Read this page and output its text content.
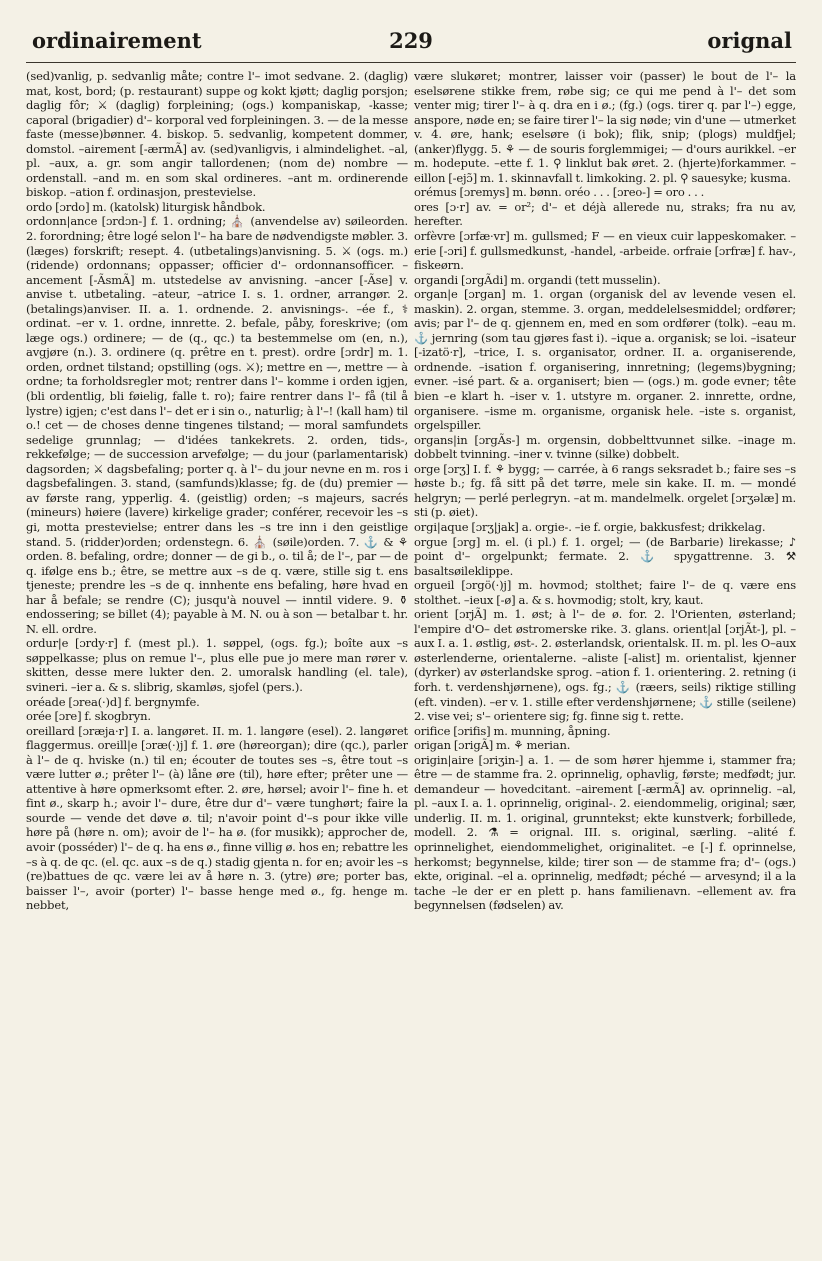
ordinairement	229	orignal

(sed)vanlig, p. sedvanlig måte; contre l'– imot sedvane. 2. (daglig) mat, kost, bord; (p. restaurant) suppe og kokt kjøtt; daglig porsjon; daglig fôr; ⚔ (daglig) forpleining; (ogs.) kompaniskap, -kasse; caporal (brigadier) d'– korporal ved forpleiningen. 3. — de la messe faste (messe)bønner. 4. biskop. 5. sedvanlig, kompetent dommer, domstol. –airement [-ærmÃ] av. (sed)vanligvis, i almindelighet. –al, pl. –aux, a. gr. som angir tallordenen; (nom de) nombre — ordenstall. –and m. en som skal ordineres. –ant m. ordinerende biskop. –ation f. ordinasjon, prestevielse.

ordo [ɔrdo] m. (katolsk) liturgisk håndbok.

ordonn|ance [ɔrdɔn-] f. 1. ordning; ⛪ (anvendelse av) søileorden. 2. forordning; être logé selon l'– ha bare de nødvendigste møbler. 3. (læges) forskrift; resept. 4. (utbetalings)anvisning. 5. ⚔ (ogs. m.) (ridende) ordonnans; oppasser; officier d'– ordonnansofficer. –ancement [-ÃsmÃ] m. utstedelse av anvisning. –ancer [-Ãse] v. anvise t. utbetaling. –ateur, –atrice I. s. 1. ordner, arrangør. 2. (betalings)anviser. II. a. 1. ordnende. 2. anvisnings-. –ée f., ⚕ ordinat. –er v. 1. ordne, innrette. 2. befale, påby, foreskrive; (om læge ogs.) ordinere; — de (q., qc.) ta bestemmelse om (en, n.), avgjøre (n.). 3. ordinere (q. prêtre en t. prest). ordre [ɔrdr] m. 1. orden, ordnet tilstand; opstilling (ogs. ⚔); mettre en —, mettre — à ordne; ta forholdsregler mot; rentrer dans l'– komme i orden igjen, (bli ordentlig, bli føielig, falle t. ro); faire rentrer dans l'– få (til å lystre) igjen; c'est dans l'– det er i sin o., naturlig; à l'–! (kall ham) til o.! cet — de choses denne tingenes tilstand; — moral samfundets sedelige grunnlag; — d'idées tankekrets. 2. orden, tids-, rekkefølge; — de succession arvefølge; — du jour (parlamentarisk) dagsorden; ⚔ dagsbefaling; porter q. à l'– du jour nevne en m. ros i dagsbefalingen. 3. stand, (samfunds)klasse; fg. de (du) premier — av første rang, ypperlig. 4. (geistlig) orden; –s majeurs, sacrés (mineurs) høiere (lavere) kirkelige grader; conférer, recevoir les –s gi, motta prestevielse; entrer dans les –s tre inn i den geistlige stand. 5. (ridder)orden; ordenstegn. 6. ⛪ (søile)orden. 7. ⚓ & ⚘ orden. 8. befaling, ordre; donner — de gi b., o. til å; de l'–, par — de q. ifølge ens b.; être, se mettre aux –s de q. være, stille sig t. ens tjeneste; prendre les –s de q. innhente ens befaling, høre hvad en har å befale; se rendre (C); jusqu'à nouvel — inntil videre. 9. ⚱ endossering; se billet (4); payable à M. N. ou à son — betalbar t. hr. N. ell. ordre.

ordur|e [ɔrdy·r] f. (mest pl.). 1. søppel, (ogs. fg.); boîte aux –s søppelkasse; plus on remue l'–, plus elle pue jo mere man rører v. skitten, desse mere lukter den. 2. umoralsk handling (el. tale), svineri. –ier a. & s. slibrig, skamløs, sjofel (pers.).

oréade [ɔrea(·)d] f. bergnymfe.

orée [ɔre] f. skogbryn.

oreillard [ɔræja·r] I. a. langøret. II. m. 1. langøre (esel). 2. langøret flaggermus. oreill|e [ɔræ(·)j] f. 1. øre (høreorgan); dire (qc.), parler à l'– de q. hviske (n.) til en; écouter de toutes ses –s, être tout –s være lutter ø.; prêter l'– (à) låne øre (til), høre efter; prêter une — attentive à høre opmerksomt efter. 2. øre, hørsel; avoir l'– fine h. et fint ø., skarp h.; avoir l'– dure, être dur d'– være tunghørt; faire la sourde — vende det døve ø. til; n'avoir point d'–s pour ikke ville høre på (høre n. om); avoir de l'– ha ø. (for musikk); approcher de, avoir (posséder) l'– de q. ha ens ø., finne villig ø. hos en; rebattre les –s à q. de qc. (el. qc. aux –s de q.) stadig gjenta n. for en; avoir les –s (re)battues de qc. være lei av å høre n. 3. (ytre) øre; porter bas, baisser l'–, avoir (porter) l'– basse henge med ø., fg. henge m. nebbet,

være slukøret; montrer, laisser voir (passer) le bout de l'– la eselsørene stikke frem, røbe sig; ce qui me pend à l'– det som venter mig; tirer l'– à q. dra en i ø.; (fg.) (ogs. tirer q. par l'–) egge, anspore, nøde en; se faire tirer l'– la sig nøde; vin d'une — utmerket v. 4. øre, hank; eselsøre (i bok); flik, snip; (plogs) muldfjel; (anker)flygg. 5. ⚘ — de souris forglemmigei; — d'ours aurikkel. –er m. hodepute. –ette f. 1. ⚲ linklut bak øret. 2. (hjerte)forkammer. –eillon [-ejɔ̃] m. 1. skinnavfall t. limkoking. 2. pl. ⚲ sauesyke; kusma.

orémus [ɔremys] m. bønn. oréo . . . [ɔreo-] = oro . . .

ores [ɔ·r] av. = or²; d'– et déjà allerede nu, straks; fra nu av, herefter.

orfèvre [ɔrfæ·vr] m. gullsmed; F — en vieux cuir lappeskomaker. –erie [-ɔri] f. gullsmedkunst, -handel, -arbeide. orfraie [ɔrfræ] f. hav-, fiskeørn.

organdi [ɔrgÃdi] m. organdi (tett musselin).

organ|e [ɔrgan] m. 1. organ (organisk del av levende vesen el. maskin). 2. organ, stemme. 3. organ, meddelelsesmiddel; ordfører; avis; par l'– de q. gjennem en, med en som ordfører (tolk). –eau m. ⚓ jernring (som tau gjøres fast i). –ique a. organisk; se loi. –isateur [-izatö·r], –trice, I. s. organisator, ordner. II. a. organiserende, ordnende. –isation f. organisering, innretning; (legems)bygning; evner. –isé part. & a. organisert; bien — (ogs.) m. gode evner; tête bien –e klart h. –iser v. 1. utstyre m. organer. 2. innrette, ordne, organisere. –isme m. organisme, organisk hele. –iste s. organist, orgelspiller.

organs|in [ɔrgÃs-] m. orgensin, dobbelttvunnet silke. –inage m. dobbelt tvinning. –iner v. tvinne (silke) dobbelt.

orge [ɔrʒ] I. f. ⚘ bygg; — carrée, à 6 rangs seksradet b.; faire ses –s høste b.; fg. få sitt på det tørre, mele sin kake. II. m. — mondé helgryn; — perlé perlegryn. –at m. mandelmelk. orgelet [ɔrʒəlæ] m. sti (p. øiet).

orgi|aque [ɔrʒ|jak] a. orgie-. –ie f. orgie, bakkusfest; drikkelag.

orgue [ɔrg] m. el. (i pl.) f. 1. orgel; — (de Barbarie) lirekasse; ♪ point d'– orgelpunkt; fermate. 2. ⚓ spygattrenne. 3. ⚒ basaltsøileklippe.

orgueil [ɔrgö(·)j] m. hovmod; stolthet; faire l'– de q. være ens stolthet. –ieux [-ø] a. & s. hovmodig; stolt, kry, kaut.

orient [ɔrjÃ] m. 1. øst; à l'– de ø. for. 2. l'Orienten, østerland; l'empire d'O– det østromerske rike. 3. glans. orient|al [ɔrjÃt-], pl. –aux I. a. 1. østlig, øst-. 2. østerlandsk, orientalsk. II. m. pl. les O–aux østerlenderne, orientalerne. –aliste [-alist] m. orientalist, kjenner (dyrker) av østerlandske sprog. –ation f. 1. orientering. 2. retning (i forh. t. verdenshjørnene), ogs. fg.; ⚓ (ræers, seils) riktige stilling (eft. vinden). –er v. 1. stille efter verdenshjørnene; ⚓ stille (seilene) 2. vise vei; s'– orientere sig; fg. finne sig t. rette.

orifice [ɔrifis] m. munning, åpning.

origan [ɔrigÃ] m. ⚘ merian.

origin|aire [ɔriʒin-] a. 1. — de som hører hjemme i, stammer fra; être — de stamme fra. 2. oprinnelig, ophavlig, første; medfødt; jur. demandeur — hovedcitant. –airement [-ærmÃ] av. oprinnelig. –al, pl. –aux I. a. 1. oprinnelig, original-. 2. eiendommelig, original; sær, underlig. II. m. 1. original, grunntekst; ekte kunstverk; forbillede, modell. 2. ⚗ = orignal. III. s. original, særling. –alité f. oprinnelighet, eiendommelighet, originalitet. –e [-] f. oprinnelse, herkomst; begynnelse, kilde; tirer son — de stamme fra; d'– (ogs.) ekte, original. –el a. oprinnelig, medfødt; péché — arvesynd; il a la tache –le der er en plett p. hans familienavn. –ellement av. fra begynnelsen (fødselen) av.
